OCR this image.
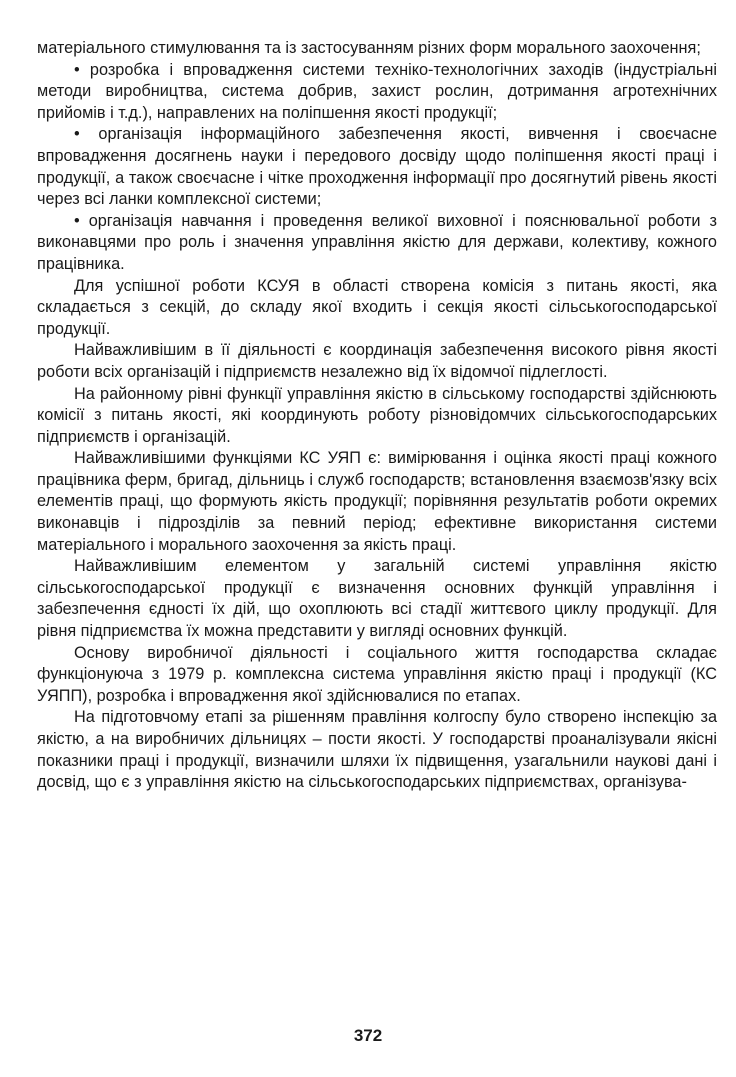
матеріального стимулювання та із застосуванням різних форм морального заохочення;

• розробка і впровадження системи техніко-технологічних заходів (індустріальні методи виробництва, система добрив, захист рослин, дотримання агротехнічних прийомів і т.д.), направлених на поліпшення якості продукції;

• організація інформаційного забезпечення якості, вивчення і своєчасне впровадження досягнень науки і передового досвіду щодо поліпшення якості праці і продукції, а також своєчасне і чітке проходження інформації про досягнутий рівень якості через всі ланки комплексної системи;

• організація навчання і проведення великої виховної і пояснювальної роботи з виконавцями про роль і значення управління якістю для держави, колективу, кожного працівника.

Для успішної роботи КСУЯ в області створена комісія з питань якості, яка складається з секцій, до складу якої входить і секція якості сільськогосподарської продукції.

Найважливішим в її діяльності є координація забезпечення високого рівня якості роботи всіх організацій і підприємств незалежно від їх відомчої підлеглості.

На районному рівні функції управління якістю в сільському господарстві здійснюють комісії з питань якості, які координують роботу різновідомчих сільськогосподарських підприємств і організацій.

Найважливішими функціями КС УЯП є: вимірювання і оцінка якості праці кожного працівника ферм, бригад, дільниць і служб господарств; встановлення взаємозв'язку всіх елементів праці, що формують якість продукції; порівняння результатів роботи окремих виконавців і підрозділів за певний період; ефективне використання системи матеріального і морального заохочення за якість праці.

Найважливішим елементом у загальній системі управління якістю сільськогосподарської продукції є визначення основних функцій управління і забезпечення єдності їх дій, що охоплюють всі стадії життєвого циклу продукції. Для рівня підприємства їх можна представити у вигляді основних функцій.

Основу виробничої діяльності і соціального життя господарства складає функціонуюча з 1979 р. комплексна система управління якістю праці і продукції (КС УЯПП), розробка і впровадження якої здійснювалися по етапах.

На підготовчому етапі за рішенням правління колгоспу було створено інспекцію за якістю, а на виробничих дільницях – пости якості. У господарстві проаналізували якісні показники праці і продукції, визначили шляхи їх підвищення, узагальнили наукові дані і досвід, що є з управління якістю на сільськогосподарських підприємствах, організува-

372
